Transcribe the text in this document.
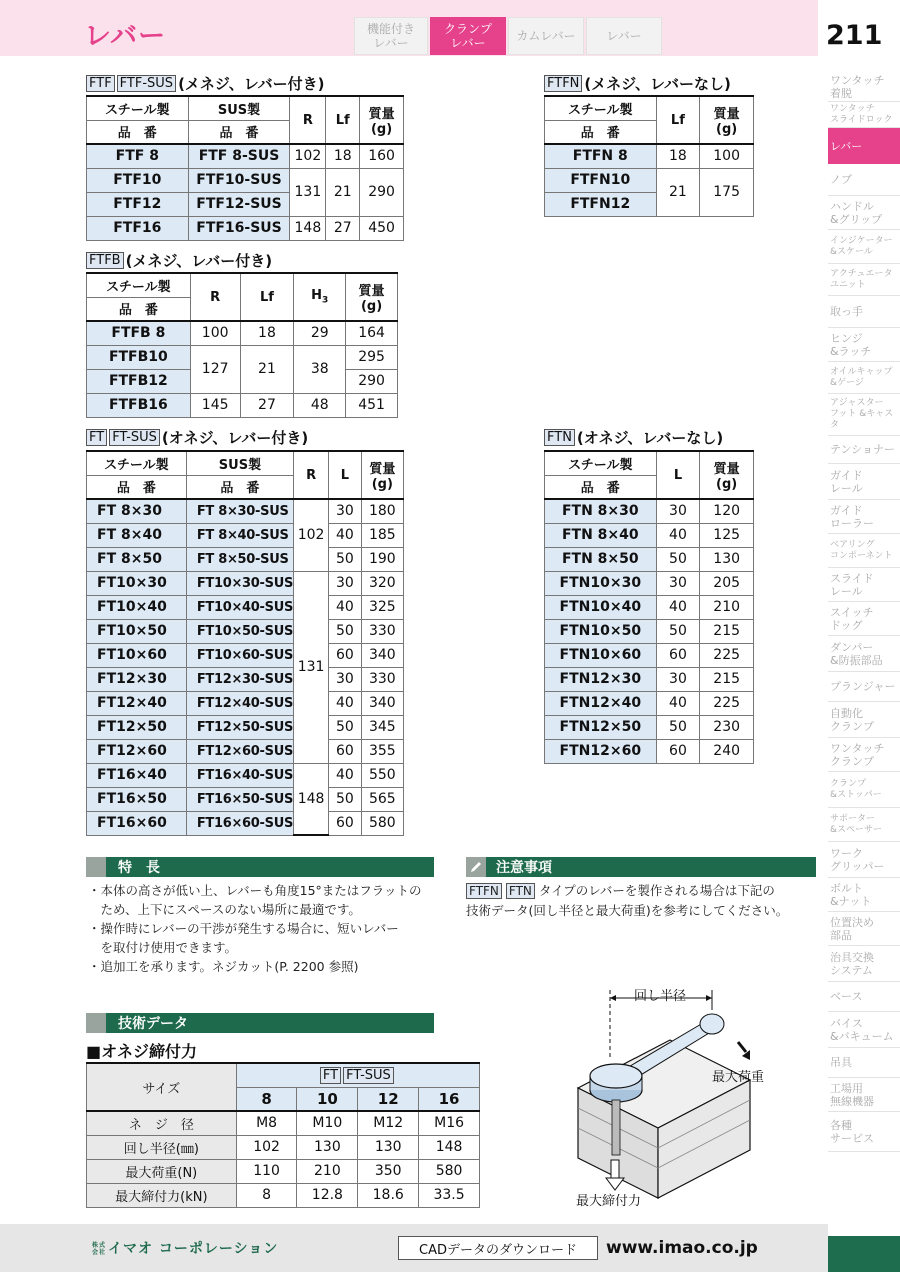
レバー	機能付き
レバー
クランプ
レバー	カムレバー	レバー	211
ワンタッチ
着脱
ワンタッチ
スライドロック
レバー
ノブ
ハンドル
&グリップ
インジケーター
&スケール
アクチュエータ
ユニット
取っ手
ヒンジ
&ラッチ
オイルキャップ
&ゲージ
アジャスター
フット &キャスタ
テンショナー
ガイド
レール
ガイド
ローラー
ベアリング
コンポーネント
スライド
レール
スイッチ
ドッグ
ダンパー
&防振部品
プランジャー
自動化
クランプ
ワンタッチ
クランプ
クランプ
&ストッパー
サポーター
&スペーサー
ワーク
グリッパー
ボルト
&ナット
位置決め
部品
治具交換
システム
ベース
バイス
&バキューム
吊具
工場用
無線機器
各種
サービス
FTF FTF-SUS (メネジ、レバー付き)
スチール製	SUS製	R	Lf	質量
(g)

品　番	品　番			
FTF 8	FTF 8-SUS	102	18	160
FTF10	FTF10-SUS	131	21	290
FTF12	FTF12-SUS			
FTF16	FTF16-SUS	148	27	450
FTFN (メネジ、レバーなし)
スチール製	Lf	質量
(g)

品　番		
FTFN 8	18	100
FTFN10	21	175
FTFN12		
FTFB (メネジ、レバー付き)
スチール製	R	Lf	$H_3$	質量
(g)

品　番				
FTFB 8	100	18	29	164
FTFB10	127	21	38	295
FTFB12				290
FTFB16	145	27	48	451
FT FT-SUS (オネジ、レバー付き)
スチール製	SUS製	R	L	質量
(g)

品　番	品　番			
FT 8×30	FT 8×30-SUS	102	30	180
FT 8×40	FT 8×40-SUS		40	185
FT 8×50	FT 8×50-SUS		50	190
FT10×30	FT10×30-SUS	131	30	320
FT10×40	FT10×40-SUS		40	325
FT10×50	FT10×50-SUS		50	330
FT10×60	FT10×60-SUS		60	340
FT12×30	FT12×30-SUS		30	330
FT12×40	FT12×40-SUS		40	340
FT12×50	FT12×50-SUS		50	345
FT12×60	FT12×60-SUS		60	355
FT16×40	FT16×40-SUS	148	40	550
FT16×50	FT16×50-SUS		50	565
FT16×60	FT16×60-SUS		60	580
FTN (オネジ、レバーなし)
スチール製	L	質量
(g)

品　番		
FTN 8×30	30	120
FTN 8×40	40	125
FTN 8×50	50	130
FTN10×30	30	205
FTN10×40	40	210
FTN10×50	50	215
FTN10×60	60	225
FTN12×30	30	215
FTN12×40	40	225
FTN12×50	50	230
FTN12×60	60	240
特　長
・本体の高さが低い上、レバーも角度15°またはフラットの
　ため、上下にスペースのない場所に最適です。
・操作時にレバーの干渉が発生する場合に、短いレバー
　を取付け使用できます。
・追加工を承ります。ネジカット(P. 2200 参照)
注意事項
FTFN FTN タイプのレバーを製作される場合は下記の
技術データ(回し半径と最大荷重)を参考にしてください。
技術データ
■オネジ締付力
サイズ	FT FT-SUS			

	8	10	12	16
ネ　ジ　径	M8	M10	M12	M16
回し半径(㎜)	102	130	130	148
最大荷重(N)	110	210	350	580
最大締付力(kN)	8	12.8	18.6	33.5
回し半径
最大荷重
最大締付力
株式
会社 イマオ コーポレーション	CADデータのダウンロード	www.imao.co.jp
